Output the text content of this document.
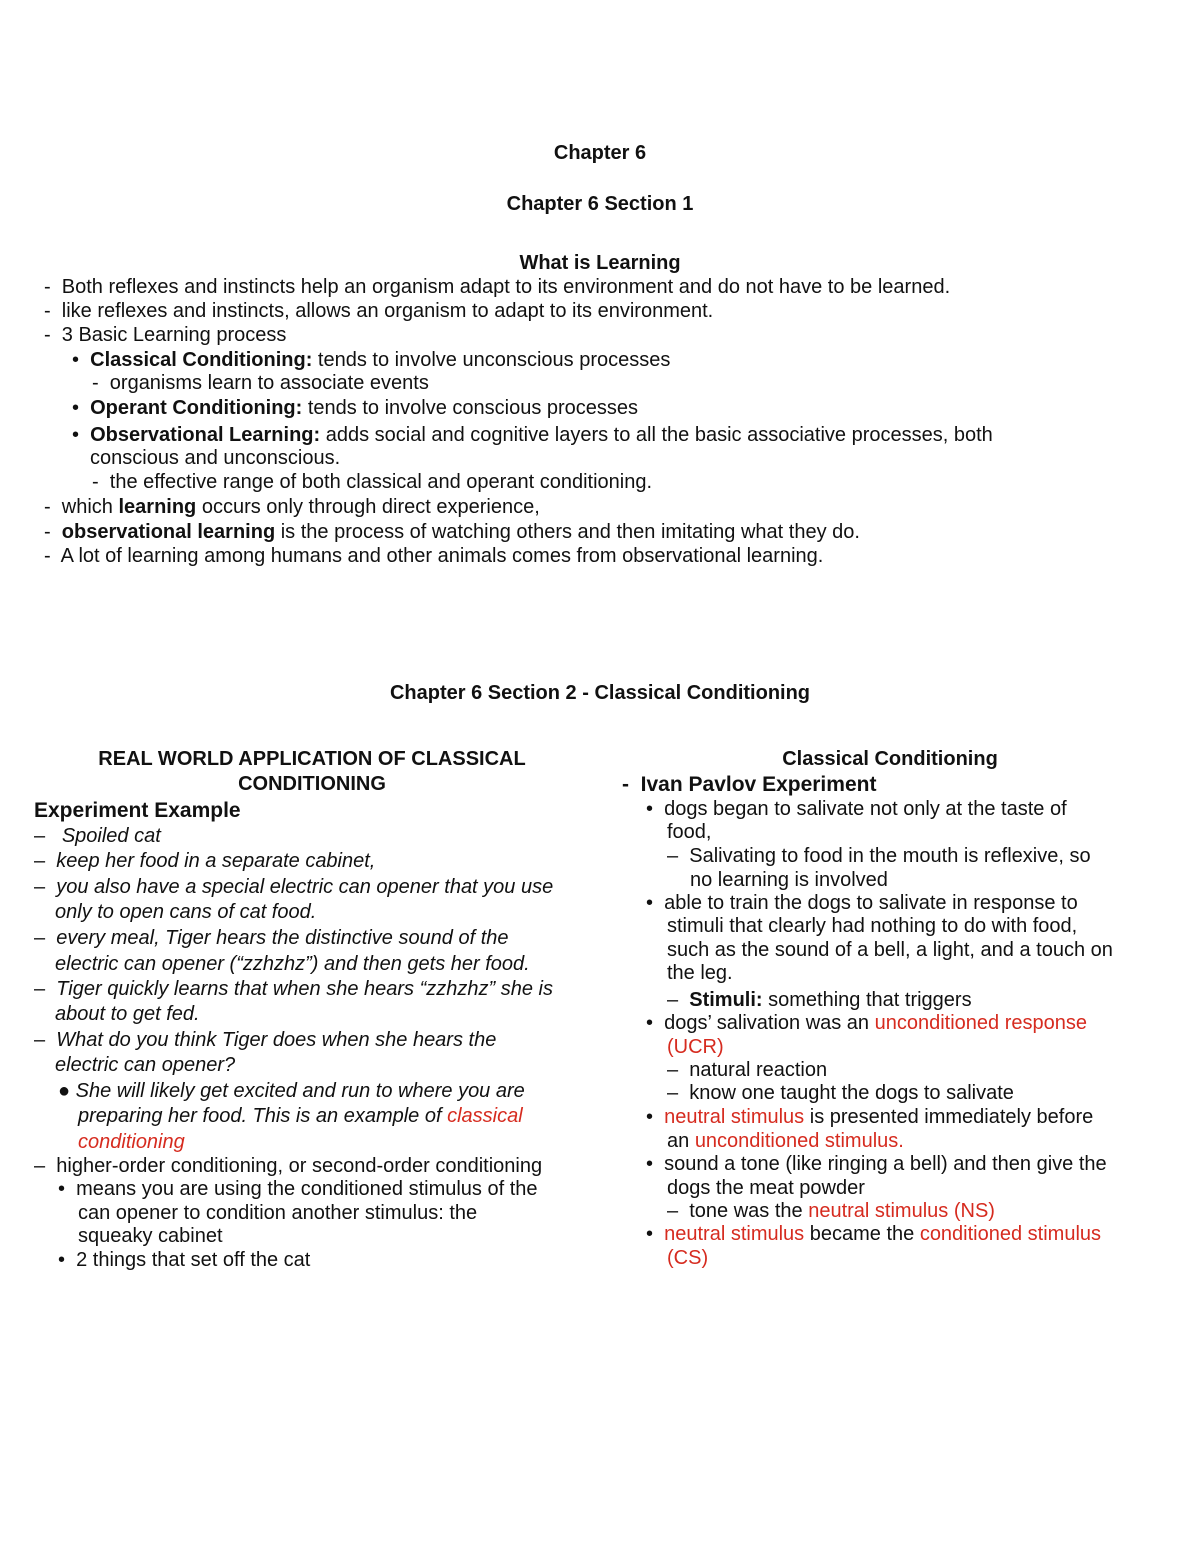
Chapter 6
Chapter 6 Section 1
What is Learning
-  Both reflexes and instincts help an organism adapt to its environment and do not have to be learned.
-  like reflexes and instincts, allows an organism to adapt to its environment.
-  3 Basic Learning process
•  Classical Conditioning: tends to involve unconscious processes
-  organisms learn to associate events
•  Operant Conditioning: tends to involve conscious processes
•  Observational Learning: adds social and cognitive layers to all the basic associative processes, both
conscious and unconscious.
-  the effective range of both classical and operant conditioning.
-  which learning occurs only through direct experience,
-  observational learning is the process of watching others and then imitating what they do.
-  A lot of learning among humans and other animals comes from observational learning.
Chapter 6 Section 2 - Classical Conditioning
REAL WORLD APPLICATION OF CLASSICAL
CONDITIONING
Experiment Example
–   Spoiled cat
–  keep her food in a separate cabinet,
–  you also have a special electric can opener that you use
only to open cans of cat food.
–  every meal, Tiger hears the distinctive sound of the
electric can opener (“zzhzhz”) and then gets her food.
–  Tiger quickly learns that when she hears “zzhzhz” she is
about to get fed.
–  What do you think Tiger does when she hears the
electric can opener?
● She will likely get excited and run to where you are
preparing her food. This is an example of classical
conditioning
–  higher-order conditioning, or second-order conditioning
•  means you are using the conditioned stimulus of the
can opener to condition another stimulus: the
squeaky cabinet
•  2 things that set off the cat
Classical Conditioning
-  Ivan Pavlov Experiment
•  dogs began to salivate not only at the taste of
food,
–  Salivating to food in the mouth is reflexive, so
no learning is involved
•  able to train the dogs to salivate in response to
stimuli that clearly had nothing to do with food,
such as the sound of a bell, a light, and a touch on
the leg.
–  Stimuli: something that triggers
•  dogs’ salivation was an unconditioned response
(UCR)
–  natural reaction
–  know one taught the dogs to salivate
•  neutral stimulus is presented immediately before
an unconditioned stimulus.
•  sound a tone (like ringing a bell) and then give the
dogs the meat powder
–  tone was the neutral stimulus (NS)
•  neutral stimulus became the conditioned stimulus
(CS)
